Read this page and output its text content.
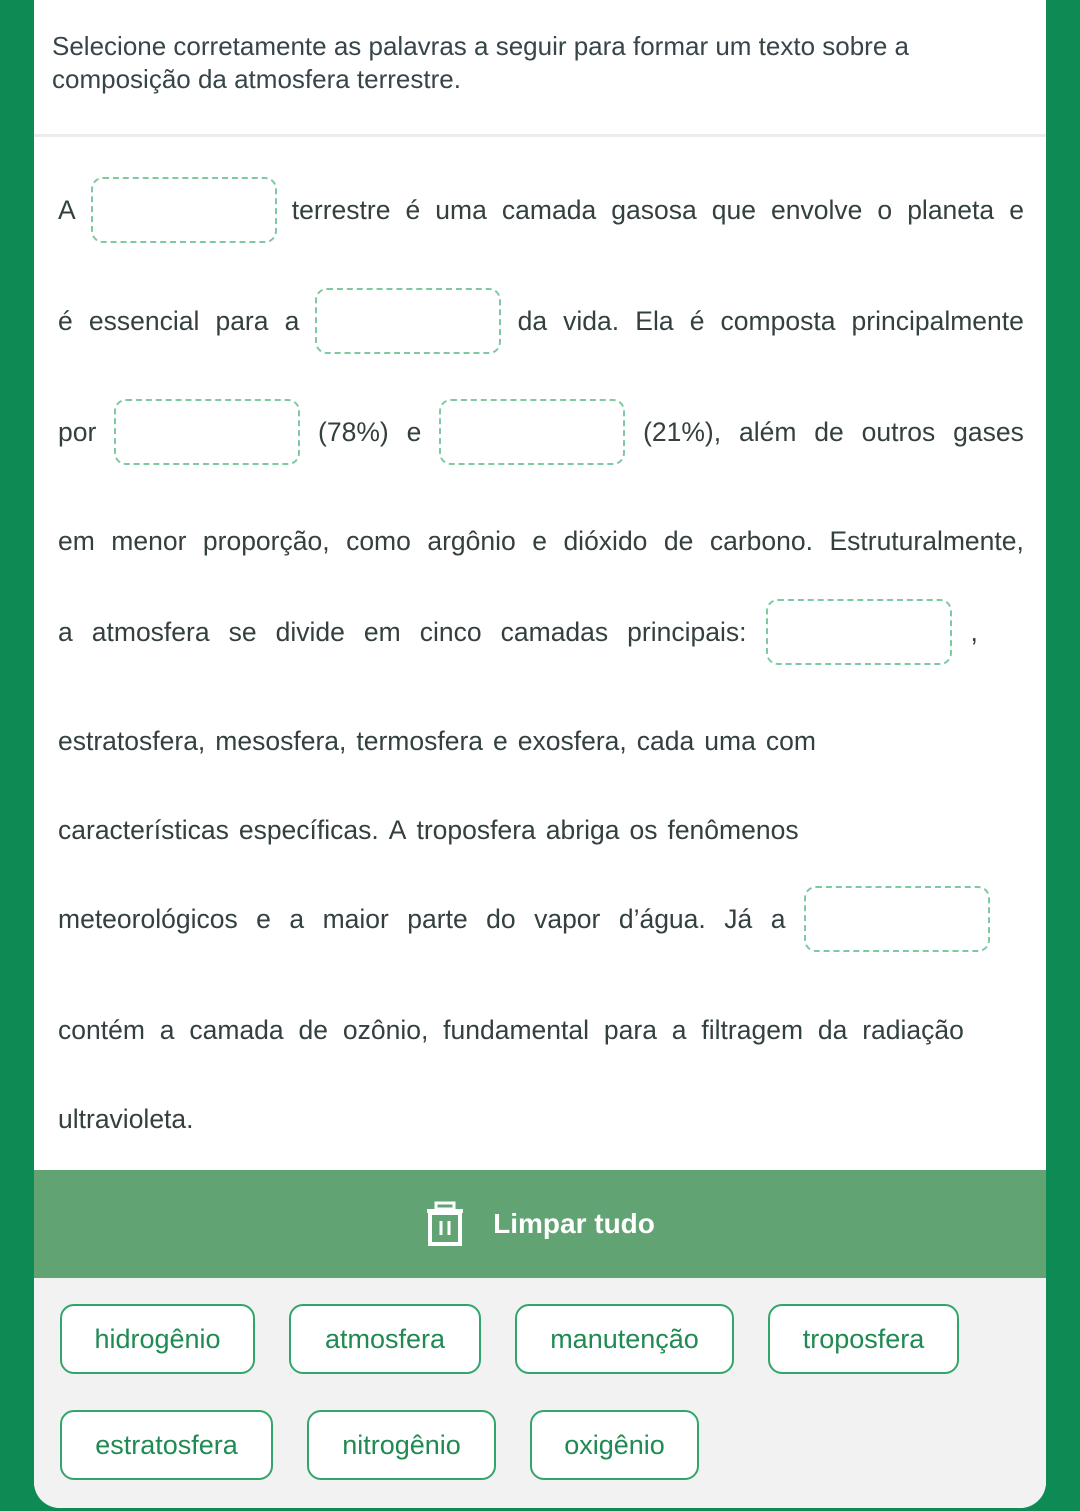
Selecione corretamente as palavras a seguir para formar um texto sobre a composição da atmosfera terrestre.

A	terrestre é uma camada gasosa que envolve o planeta e
é essencial para a	da vida. Ela é composta principalmente
por	(78%) e	(21%), além de outros gases
em menor proporção, como argônio e dióxido de carbono. Estruturalmente,
a atmosfera se divide em cinco camadas principais:	,
estratosfera, mesosfera, termosfera e exosfera, cada uma com
características específicas. A troposfera abriga os fenômenos
meteorológicos e a maior parte do vapor d’água. Já a
contém a camada de ozônio, fundamental para a filtragem da radiação
ultravioleta.
Limpar tudo
hidrogênio	atmosfera	manutenção	troposfera
estratosfera	nitrogênio	oxigênio
